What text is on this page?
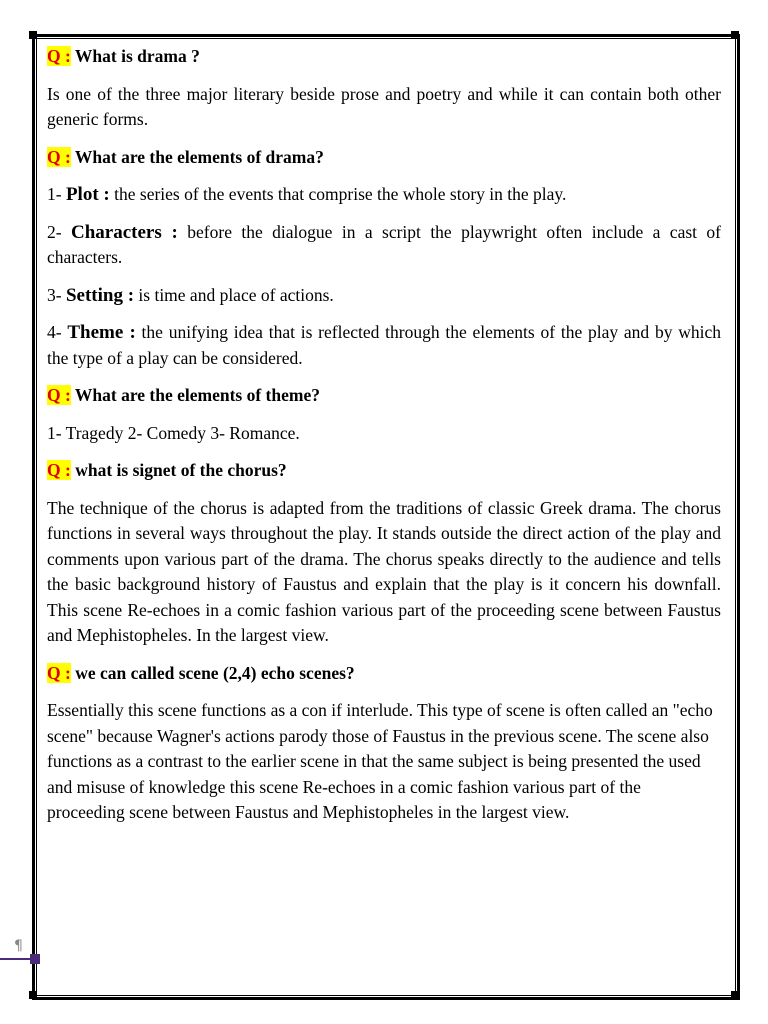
¶
Q : What is drama ?
Is one of the three major literary beside prose and poetry and while it can contain both other generic forms.
Q : What are the elements of drama?
1- Plot : the series of the events that comprise the whole story in the play.
2- Characters : before the dialogue in a script the playwright often include a cast of characters.
3- Setting : is time and place of actions.
4- Theme : the unifying idea that is reflected through the elements of the play and by which the type of a play can be considered.
Q : What are the elements of theme?
1- Tragedy 2- Comedy 3- Romance.
Q : what is signet of the chorus?
The technique of the chorus is adapted from the traditions of classic Greek drama. The chorus functions in several ways throughout the play. It stands outside the direct action of the play and comments upon various part of the drama. The chorus speaks directly to the audience and tells the basic background history of Faustus and explain that the play is it concern his downfall. This scene Re-echoes in a comic fashion various part of the proceeding scene between Faustus and Mephistopheles. In the largest view.
Q : we can called scene (2,4) echo scenes?
Essentially this scene functions as a con if interlude. This type of scene is often called an "echo scene" because Wagner's actions parody those of Faustus in the previous scene. The scene also functions as a contrast to the earlier scene in that the same subject is being presented the used and misuse of knowledge this scene Re-echoes in a comic fashion various part of the proceeding scene between Faustus and Mephistopheles in the largest view.
